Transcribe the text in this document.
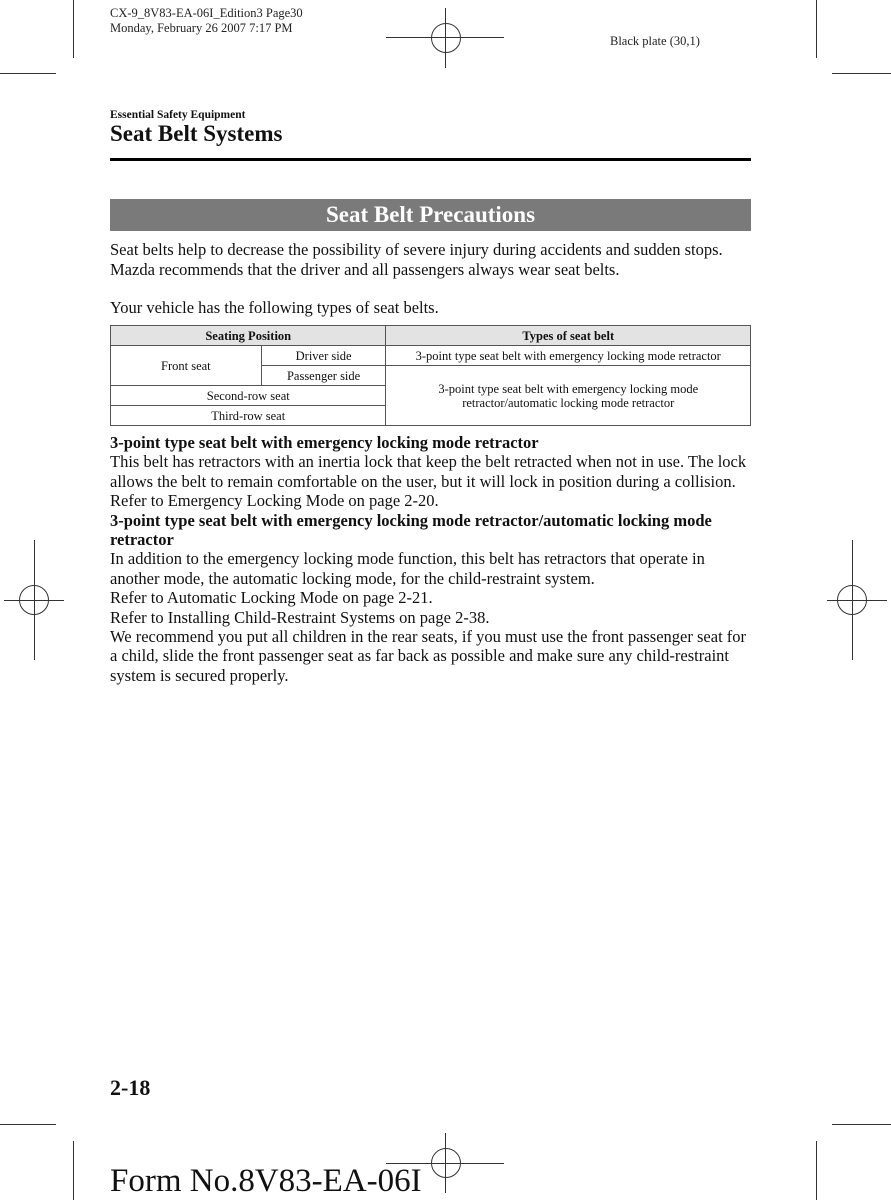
CX-9_8V83-EA-06I_Edition3 Page30
Monday, February 26 2007 7:17 PM
Black plate (30,1)
Essential Safety Equipment
Seat Belt Systems
Seat Belt Precautions
Seat belts help to decrease the possibility of severe injury during accidents and sudden stops. Mazda recommends that the driver and all passengers always wear seat belts.
Your vehicle has the following types of seat belts.
Seating Position		Types of seat belt
Front seat	Driver side	3-point type seat belt with emergency locking mode retractor
	Passenger side	3-point type seat belt with emergency locking mode retractor/automatic locking mode retractor
Second-row seat		
Third-row seat		

3-point type seat belt with emergency locking mode retractor

This belt has retractors with an inertia lock that keep the belt retracted when not in use. The lock allows the belt to remain comfortable on the user, but it will lock in position during a collision.

Refer to Emergency Locking Mode on page 2-20.

3-point type seat belt with emergency locking mode retractor/automatic locking mode retractor

In addition to the emergency locking mode function, this belt has retractors that operate in another mode, the automatic locking mode, for the child-restraint system.

Refer to Automatic Locking Mode on page 2-21.

Refer to Installing Child-Restraint Systems on page 2-38.

We recommend you put all children in the rear seats, if you must use the front passenger seat for a child, slide the front passenger seat as far back as possible and make sure any child-restraint system is secured properly.

2-18
Form No.8V83-EA-06I
